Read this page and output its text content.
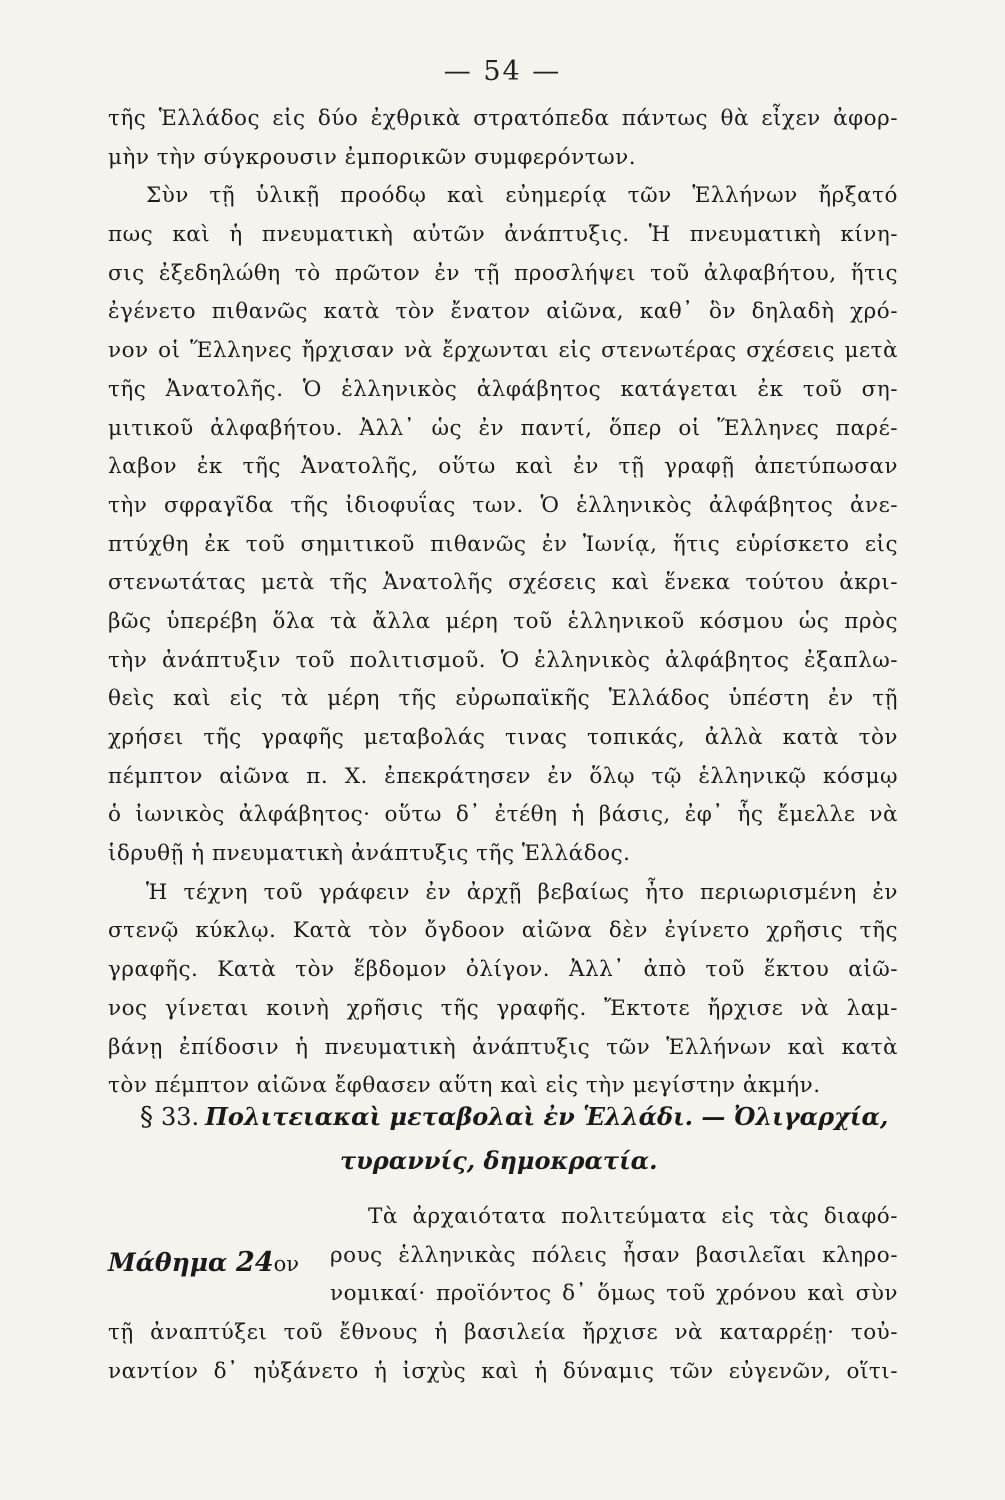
— 54 —
τῆς Ἑλλάδος εἰς δύο ἐχθρικὰ στρατόπεδα πάντως θὰ εἶχεν ἀφορ-
μὴν τὴν σύγκρουσιν ἐμπορικῶν συμφερόντων.
Σὺν τῇ ὑλικῇ προόδῳ καὶ εὐημερίᾳ τῶν Ἑλλήνων ἤρξατό
πως καὶ ἡ πνευματικὴ αὐτῶν ἀνάπτυξις. Ἡ πνευματικὴ κίνη-
σις ἐξεδηλώθη τὸ πρῶτον ἐν τῇ προσλήψει τοῦ ἀλφαβήτου, ἥτις
ἐγένετο πιθανῶς κατὰ τὸν ἔνατον αἰῶνα, καθ᾿ ὃν δηλαδὴ χρό-
νον οἱ Ἕλληνες ἤρχισαν νὰ ἔρχωνται εἰς στενωτέρας σχέσεις μετὰ
τῆς Ἀνατολῆς. Ὁ ἑλληνικὸς ἀλφάβητος κατάγεται ἐκ τοῦ ση-
μιτικοῦ ἀλφαβήτου. Ἀλλ᾿ ὡς ἐν παντί, ὅπερ οἱ Ἕλληνες παρέ-
λαβον ἐκ τῆς Ἀνατολῆς, οὕτω καὶ ἐν τῇ γραφῇ ἀπετύπωσαν
τὴν σφραγῖδα τῆς ἰδιοφυΐας των. Ὁ ἑλληνικὸς ἀλφάβητος ἀνε-
πτύχθη ἐκ τοῦ σημιτικοῦ πιθανῶς ἐν Ἰωνίᾳ, ἥτις εὑρίσκετο εἰς
στενωτάτας μετὰ τῆς Ἀνατολῆς σχέσεις καὶ ἕνεκα τούτου ἀκρι-
βῶς ὑπερέβη ὅλα τὰ ἄλλα μέρη τοῦ ἑλληνικοῦ κόσμου ὡς πρὸς
τὴν ἀνάπτυξιν τοῦ πολιτισμοῦ. Ὁ ἑλληνικὸς ἀλφάβητος ἐξαπλω-
θεὶς καὶ εἰς τὰ μέρη τῆς εὐρωπαϊκῆς Ἑλλάδος ὑπέστη ἐν τῇ
χρήσει τῆς γραφῆς μεταβολάς τινας τοπικάς, ἀλλὰ κατὰ τὸν
πέμπτον αἰῶνα π. Χ. ἐπεκράτησεν ἐν ὅλῳ τῷ ἑλληνικῷ κόσμῳ
ὁ ἰωνικὸς ἀλφάβητος· οὕτω δ᾿ ἐτέθη ἡ βάσις, ἐφ᾿ ἧς ἔμελλε νὰ
ἱδρυθῇ ἡ πνευματικὴ ἀνάπτυξις τῆς Ἑλλάδος.
Ἡ τέχνη τοῦ γράφειν ἐν ἀρχῇ βεβαίως ἦτο περιωρισμένη ἐν
στενῷ κύκλῳ. Κατὰ τὸν ὄγδοον αἰῶνα δὲν ἐγίνετο χρῆσις τῆς
γραφῆς. Κατὰ τὸν ἕβδομον ὀλίγον. Ἀλλ᾿ ἀπὸ τοῦ ἕκτου αἰῶ-
νος γίνεται κοινὴ χρῆσις τῆς γραφῆς. Ἔκτοτε ἤρχισε νὰ λαμ-
βάνῃ ἐπίδοσιν ἡ πνευματικὴ ἀνάπτυξις τῶν Ἑλλήνων καὶ κατὰ
τὸν πέμπτον αἰῶνα ἔφθασεν αὕτη καὶ εἰς τὴν μεγίστην ἀκμήν.
§ 33. Πολιτειακαὶ μεταβολαὶ ἐν Ἑλλάδι. — Ὀλιγαρχία,
τυραννίς, δημοκρατία.
Μάθημα 24ον
Τὰ ἀρχαιότατα πολιτεύματα εἰς τὰς διαφό-
ρους ἑλληνικὰς πόλεις ἦσαν βασιλεῖαι κληρο-
νομικαί· προϊόντος δ᾿ ὅμως τοῦ χρόνου καὶ σὺν
τῇ ἀναπτύξει τοῦ ἔθνους ἡ βασιλεία ἤρχισε νὰ καταρρέῃ· τοὐ-
ναντίον δ᾿ ηὐξάνετο ἡ ἰσχὺς καὶ ἡ δύναμις τῶν εὐγενῶν, οἵτι-
